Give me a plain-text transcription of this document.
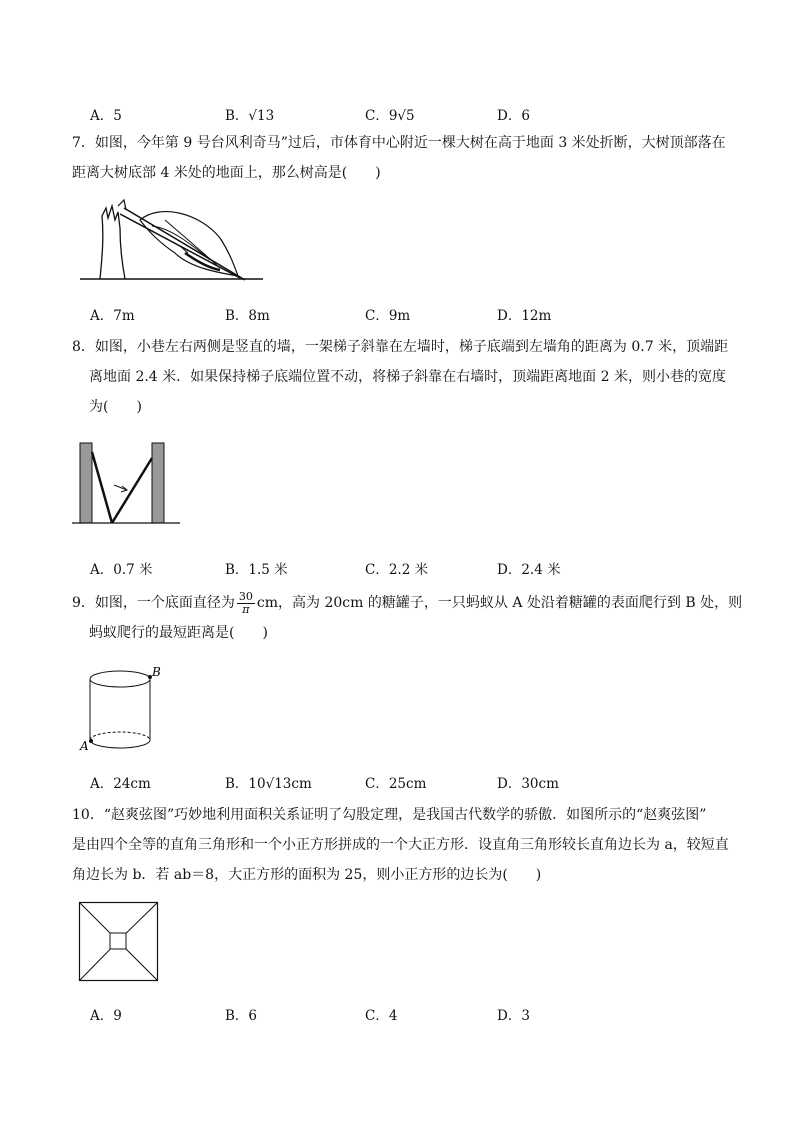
A．5	B．√13	C．9√5	D．6
7．如图，今年第 9 号台风利奇马”过后，市体育中心附近一棵大树在高于地面 3 米处折断，大树顶部落在
距离大树底部 4 米处的地面上，那么树高是(　　)
A．7m	B．8m	C．9m	D．12m
8．如图，小巷左右两侧是竖直的墙，一架梯子斜靠在左墙时，梯子底端到左墙角的距离为 0.7 米，顶端距
离地面 2.4 米．如果保持梯子底端位置不动，将梯子斜靠在右墙时，顶端距离地面 2 米，则小巷的宽度
为(　　)
A．0.7 米	B．1.5 米	C．2.2 米	D．2.4 米
9．如图，一个底面直径为 $\frac{30}{\pi}$ cm，高为 20cm 的糖罐子，一只蚂蚁从 A 处沿着糖罐的表面爬行到 B 处，则
蚂蚁爬行的最短距离是(　　)
B
A
A．24cm	B．10√13cm	C．25cm	D．30cm
10．“赵爽弦图”巧妙地利用面积关系证明了勾股定理，是我国古代数学的骄傲．如图所示的“赵爽弦图”
是由四个全等的直角三角形和一个小正方形拼成的一个大正方形．设直角三角形较长直角边长为 a，较短直
角边长为 b．若 ab＝8，大正方形的面积为 25，则小正方形的边长为(　　)
A．9	B．6	C．4	D．3
